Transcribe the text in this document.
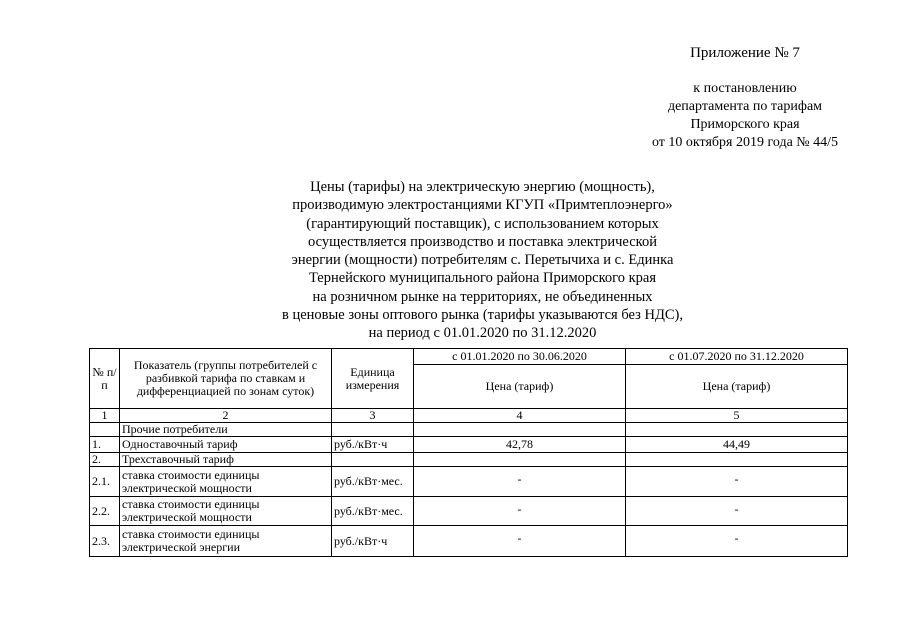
Приложение № 7
к постановлению
департамента по тарифам
Приморского края
от 10 октября 2019 года № 44/5
Цены (тарифы) на электрическую энергию (мощность),
производимую электростанциями КГУП «Примтеплоэнерго»
(гарантирующий поставщик), с использованием которых
осуществляется производство и поставка электрической
энергии (мощности) потребителям с. Перетычиха и с. Единка
Тернейского муниципального района Приморского края
на розничном рынке на территориях, не объединенных
в ценовые зоны оптового рынка (тарифы указываются без НДС),
на период с 01.01.2020 по 31.12.2020
№ п/п	Показатель (группы потребителей с разбивкой тарифа по ставкам и дифференциацией по зонам суток)	Единица измерения	с 01.01.2020 по 30.06.2020	с 01.07.2020 по 31.12.2020
			Цена (тариф)	Цена (тариф)
1	2	3	4	5
	Прочие потребители			
1.	Одноставочный тариф	руб./кВт·ч	42,78	44,49
2.	Трехставочный тариф			
2.1.	ставка стоимости единицы электрической мощности	руб./кВт·мес.	-	-
2.2.	ставка стоимости единицы электрической мощности	руб./кВт·мес.	-	-
2.3.	ставка стоимости единицы электрической энергии	руб./кВт·ч	-	-
